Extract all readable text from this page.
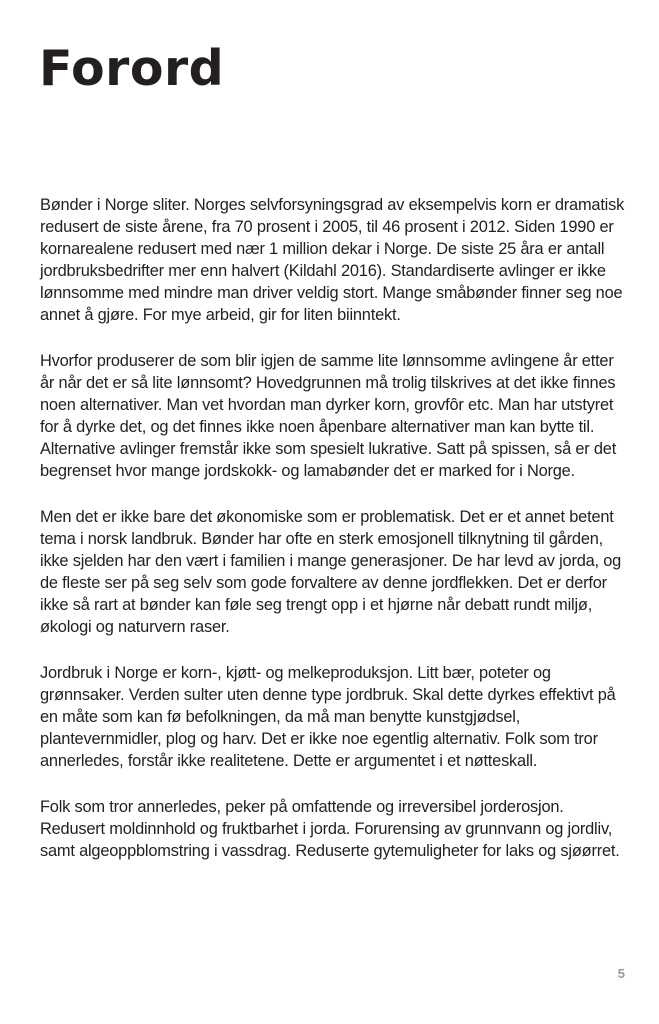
Forord

Bønder i Norge sliter. Norges selvforsyningsgrad av eksempelvis korn er dramatisk redusert de siste årene, fra 70 prosent i 2005, til 46 prosent i 2012. Siden 1990 er kornarealene redusert med nær 1 million dekar i Norge. De siste 25 åra er antall jordbruksbedrifter mer enn halvert (Kildahl 2016). Standardiserte avlinger er ikke lønnsomme med mindre man driver veldig stort. Mange småbønder finner seg noe annet å gjøre. For mye arbeid, gir for liten biinntekt.

Hvorfor produserer de som blir igjen de samme lite lønnsomme avlingene år etter år når det er så lite lønnsomt? Hovedgrunnen må trolig tilskrives at det ikke finnes noen alternativer. Man vet hvordan man dyrker korn, grovfôr etc. Man har utstyret for å dyrke det, og det finnes ikke noen åpenbare alternativer man kan bytte til. Alternative avlinger fremstår ikke som spesielt lukrative. Satt på spissen, så er det begrenset hvor mange jordskokk- og lamabønder det er marked for i Norge.

Men det er ikke bare det økonomiske som er problematisk. Det er et annet betent tema i norsk landbruk. Bønder har ofte en sterk emosjonell tilknytning til gården, ikke sjelden har den vært i familien i mange generasjoner. De har levd av jorda, og de fleste ser på seg selv som gode forvaltere av denne jordflekken. Det er derfor ikke så rart at bønder kan føle seg trengt opp i et hjørne når debatt rundt miljø, økologi og naturvern raser.

Jordbruk i Norge er korn-, kjøtt- og melkeproduksjon. Litt bær, poteter og grønnsaker. Verden sulter uten denne type jordbruk. Skal dette dyrkes effektivt på en måte som kan fø befolkningen, da må man benytte kunstgjødsel, plantevernmidler, plog og harv. Det er ikke noe egentlig alternativ. Folk som tror annerledes, forstår ikke realitetene. Dette er argumentet i et nøtteskall.

Folk som tror annerledes, peker på omfattende og irreversibel jorderosjon. Redusert moldinnhold og fruktbarhet i jorda. Forurensing av grunnvann og jordliv, samt algeoppblomstring i vassdrag. Reduserte gytemuligheter for laks og sjøørret.

5
